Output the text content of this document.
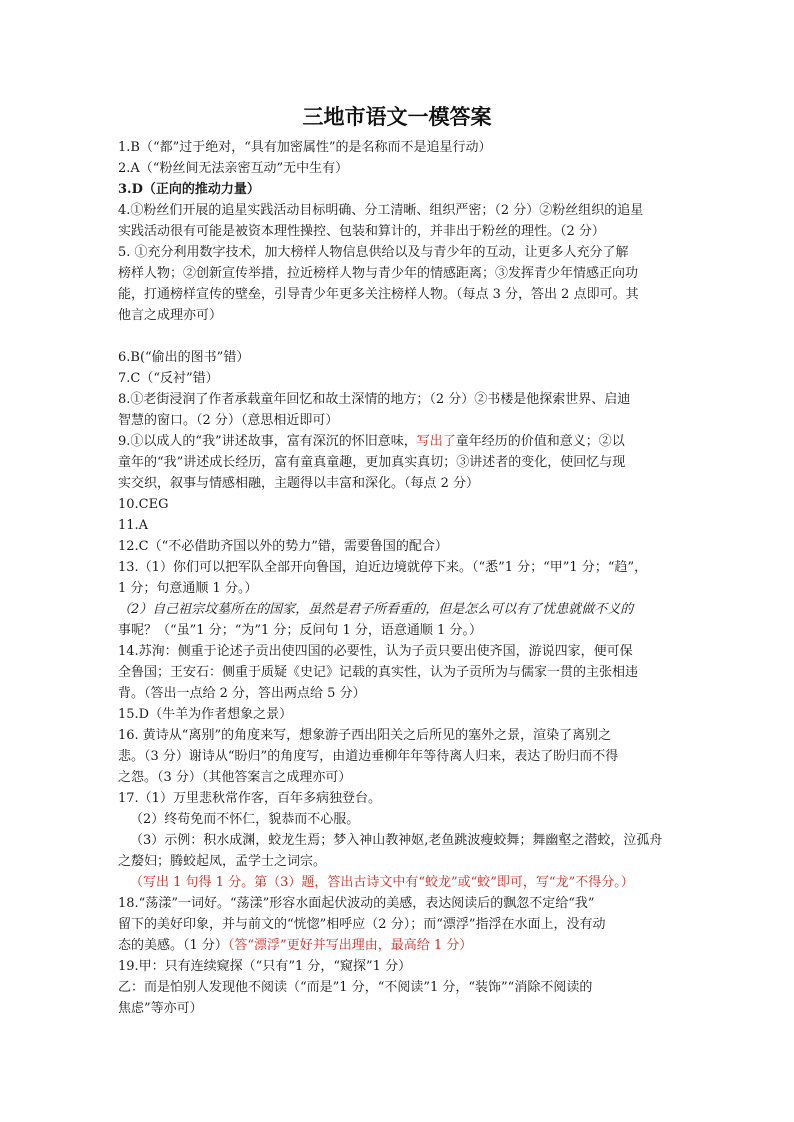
三地市语文一模答案
1.B（“都”过于绝对，“具有加密属性”的是名称而不是追星行动）
2.A（“粉丝间无法亲密互动”无中生有）
3.D（正向的推动力量）
4.①粉丝们开展的追星实践活动目标明确、分工清晰、组织严密；（2 分）②粉丝组织的追星
实践活动很有可能是被资本理性操控、包装和算计的，并非出于粉丝的理性。（2 分）
5. ①充分利用数字技术，加大榜样人物信息供给以及与青少年的互动，让更多人充分了解
榜样人物；②创新宣传举措，拉近榜样人物与青少年的情感距离；③发挥青少年情感正向功
能，打通榜样宣传的壁垒，引导青少年更多关注榜样人物。（每点 3 分，答出 2 点即可。其
他言之成理亦可）
6.B(“偷出的图书”错）
7.C（“反衬”错）
8.①老街浸润了作者承载童年回忆和故土深情的地方；（2 分）②书楼是他探索世界、启迪
智慧的窗口。（2 分）（意思相近即可）
9.①以成人的“我”讲述故事，富有深沉的怀旧意味，写出了童年经历的价值和意义；②以
童年的“我”讲述成长经历，富有童真童趣，更加真实真切；③讲述者的变化，使回忆与现
实交织，叙事与情感相融，主题得以丰富和深化。（每点 2 分）
10.CEG
11.A
12.C（“不必借助齐国以外的势力”错，需要鲁国的配合）
13.（1）你们可以把军队全部开向鲁国，迫近边境就停下来。（“悉”1 分；“甲”1 分；“趋”，
1 分；句意通顺 1 分。）
（2）自己祖宗坟墓所在的国家，虽然是君子所看重的，但是怎么可以有了忧患就做不义的
事呢？（“虽”1 分；“为”1 分；反问句 1 分，语意通顺 1 分。）
14.苏洵：侧重于论述子贡出使四国的必要性，认为子贡只要出使齐国，游说四家，便可保
全鲁国；王安石：侧重于质疑《史记》记载的真实性，认为子贡所为与儒家一贯的主张相违
背。（答出一点给 2 分，答出两点给 5 分）
15.D（牛羊为作者想象之景）
16. 黄诗从“离别”的角度来写，想象游子西出阳关之后所见的塞外之景，渲染了离别之
悲。（3 分）谢诗从“盼归”的角度写，由道边垂柳年年等待离人归来，表达了盼归而不得
之怨。（3 分）（其他答案言之成理亦可）
17.（1）万里悲秋常作客，百年多病独登台。
（2）终苟免而不怀仁，貌恭而不心服。
（3）示例：积水成渊，蛟龙生焉；梦入神山教神妪,老鱼跳波瘦蛟舞；舞幽壑之潜蛟，泣孤舟
之嫠妇；腾蛟起凤，孟学士之词宗。
（写出 1 句得 1 分。第（3）题，答出古诗文中有“蛟龙”或“蛟”即可，写“龙”不得分。）
18.“荡漾”一词好。“荡漾”形容水面起伏波动的美感，表达阅读后的飘忽不定给“我”
留下的美好印象，并与前文的“恍惚”相呼应（2 分）；而“漂浮”指浮在水面上，没有动
态的美感。（1 分）（答“漂浮”更好并写出理由，最高给 1 分）
19.甲：只有连续窥探（“只有”1 分，“窥探”1 分）
乙：而是怕别人发现他不阅读（“而是”1 分，“不阅读”1 分，“装饰”“消除不阅读的
焦虑”等亦可）
